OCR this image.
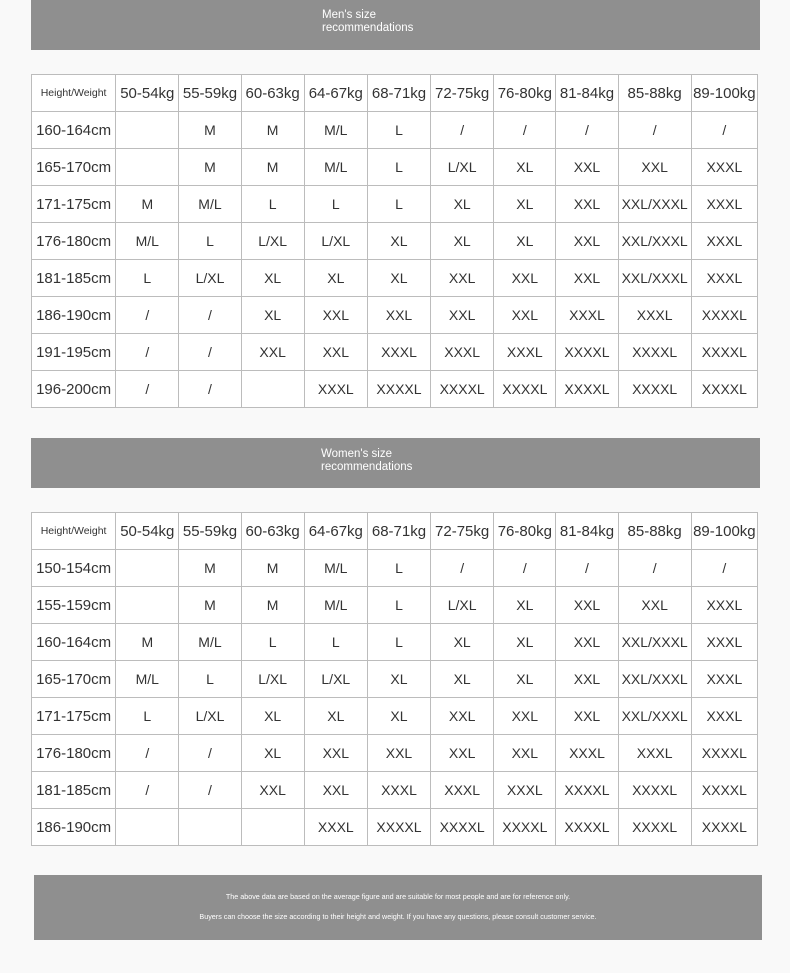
Men's size
recommendations
Height/Weight	50-54kg	55-59kg	60-63kg	64-67kg	68-71kg	72-75kg	76-80kg	81-84kg	85-88kg	89-100kg
160-164cm		M	M	M/L	L	/	/	/	/	/
165-170cm		M	M	M/L	L	L/XL	XL	XXL	XXL	XXXL
171-175cm	M	M/L	L	L	L	XL	XL	XXL	XXL/XXXL	XXXL
176-180cm	M/L	L	L/XL	L/XL	XL	XL	XL	XXL	XXL/XXXL	XXXL
181-185cm	L	L/XL	XL	XL	XL	XXL	XXL	XXL	XXL/XXXL	XXXL
186-190cm	/	/	XL	XXL	XXL	XXL	XXL	XXXL	XXXL	XXXXL
191-195cm	/	/	XXL	XXL	XXXL	XXXL	XXXL	XXXXL	XXXXL	XXXXL
196-200cm	/	/		XXXL	XXXXL	XXXXL	XXXXL	XXXXL	XXXXL	XXXXL
Women's size
recommendations
Height/Weight	50-54kg	55-59kg	60-63kg	64-67kg	68-71kg	72-75kg	76-80kg	81-84kg	85-88kg	89-100kg
150-154cm		M	M	M/L	L	/	/	/	/	/
155-159cm		M	M	M/L	L	L/XL	XL	XXL	XXL	XXXL
160-164cm	M	M/L	L	L	L	XL	XL	XXL	XXL/XXXL	XXXL
165-170cm	M/L	L	L/XL	L/XL	XL	XL	XL	XXL	XXL/XXXL	XXXL
171-175cm	L	L/XL	XL	XL	XL	XXL	XXL	XXL	XXL/XXXL	XXXL
176-180cm	/	/	XL	XXL	XXL	XXL	XXL	XXXL	XXXL	XXXXL
181-185cm	/	/	XXL	XXL	XXXL	XXXL	XXXL	XXXXL	XXXXL	XXXXL
186-190cm				XXXL	XXXXL	XXXXL	XXXXL	XXXXL	XXXXL	XXXXL

The above data are based on the average figure and are suitable for most people and are for reference only.

Buyers can choose the size according to their height and weight. If you have any questions, please consult customer service.
